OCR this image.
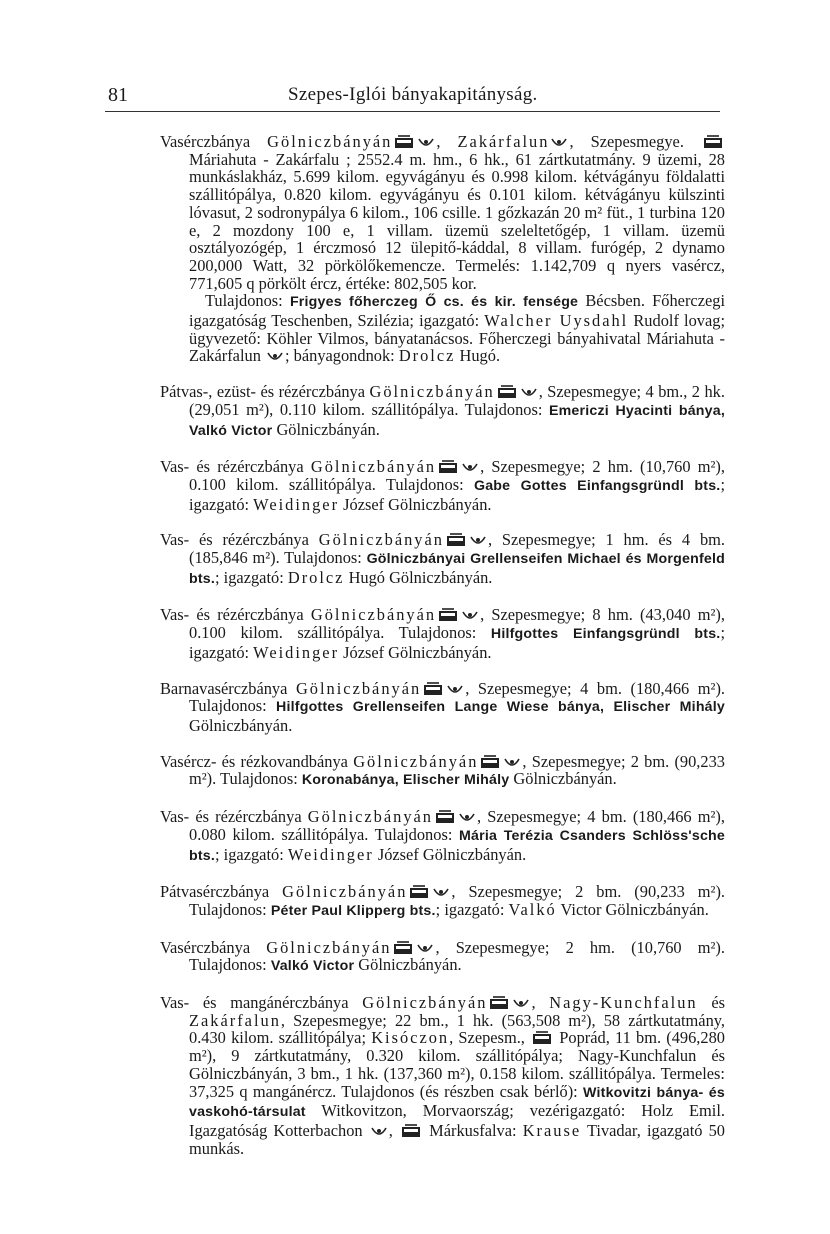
81	Szepes-Iglói bányakapitányság.
Vasérczbánya Gölniczbányán	, Zakárfalun , Szepesmegye.
Máriahuta - Zakárfalu ; 2552.4 m. hm., 6 hk., 61 zártkutatmány. 9 üzemi, 28 munkáslakház, 5.699 kilom. egyvágányu és 0.998 kilom. kétvágányu földalatti szállitópálya, 0.820 kilom. egyvágányu és 0.101 kilom. kétvágányu külszinti lóvasut, 2 sodronypálya 6 kilom., 106 csille. 1 gőzkazán 20 m² füt., 1 turbina 120 e, 2 mozdony 100 e, 1 villam. üzemü szeleltetőgép, 1 villam. üzemü osztályozógép, 1 érczmosó 12 ülepitő-káddal, 8 villam. furógép, 2 dynamo 200,000 Watt, 32 pörkölőkemencze. Termelés: 1.142,709 q nyers vasércz, 771,605 q pörkölt ércz, értéke: 802,505 kor.
Tulajdonos: Frigyes főherczeg Ő cs. és kir. fensége Bécsben. Főherczegi igazgatóság Teschenben, Szilézia; igazgató: Walcher Uysdahl Rudolf lovag; ügyvezető: Köhler Vilmos, bányatanácsos. Főherczegi bányahivatal Máriahuta - Zakárfalun
; bányagondnok: Drolcz Hugó.
Pátvas-, ezüst- és rézérczbánya Gölniczbányán	, Szepesmegye; 4 bm., 2 hk. (29,051 m²), 0.110 kilom. szállitópálya. Tulajdonos: Emericzi Hyacinti bánya, Valkó Victor Gölniczbányán.
Vas- és rézérczbánya Gölniczbányán	, Szepesmegye; 2 hm. (10,760 m²), 0.100 kilom. szállitópálya. Tulajdonos: Gabe Gottes Einfangsgründl bts.; igazgató: Weidinger József Gölniczbányán.
Vas- és rézérczbánya Gölniczbányán	, Szepesmegye; 1 hm. és 4 bm. (185,846 m²). Tulajdonos: Gölniczbányai Grellenseifen Michael és Morgenfeld bts.; igazgató: Drolcz Hugó Gölniczbányán.
Vas- és rézérczbánya Gölniczbányán	, Szepesmegye; 8 hm. (43,040 m²), 0.100 kilom. szállitópálya. Tulajdonos: Hilfgottes Einfangsgründl bts.; igazgató: Weidinger József Gölniczbányán.
Barnavasérczbánya Gölniczbányán	, Szepesmegye; 4 bm. (180,466 m²). Tulajdonos: Hilfgottes Grellenseifen Lange Wiese bánya, Elischer Mihály Gölniczbányán.
Vasércz- és rézkovandbánya Gölniczbányán	, Szepesmegye; 2 bm. (90,233 m²). Tulajdonos: Koronabánya, Elischer Mihály Gölniczbányán.
Vas- és rézérczbánya Gölniczbányán	, Szepesmegye; 4 bm. (180,466 m²), 0.080 kilom. szállitópálya. Tulajdonos: Mária Terézia Csanders Schlöss'sche bts.; igazgató: Weidinger József Gölniczbányán.
Pátvasérczbánya Gölniczbányán	, Szepesmegye; 2 bm. (90,233 m²). Tulajdonos: Péter Paul Klipperg bts.; igazgató: Valkó Victor Gölniczbányán.
Vasérczbánya Gölniczbányán	, Szepesmegye; 2 hm. (10,760 m²). Tulajdonos: Valkó Victor Gölniczbányán.
Vas- és mangánérczbánya Gölniczbányán	, Nagy-Kunchfalun és Zakárfalun, Szepesmegye; 22 bm., 1 hk. (563,508 m²), 58 zártkutatmány, 0.430 kilom. szállitópálya; Kisóczon, Szepesm.,
Poprád, 11 bm. (496,280 m²), 9 zártkutatmány, 0.320 kilom. szállitópálya; Nagy-Kunchfalun és Gölniczbányán, 3 bm., 1 hk. (137,360 m²), 0.158 kilom. szállitópálya. Termeles: 37,325 q mangánércz. Tulajdonos (és részben csak bérlő): Witkovitzi bánya- és vaskohó-társulat Witkovitzon, Morvaország; vezérigazgató: Holz Emil. Igazgatóság Kotterbachon
,
Márkusfalva: Krause Tivadar, igazgató 50 munkás.
